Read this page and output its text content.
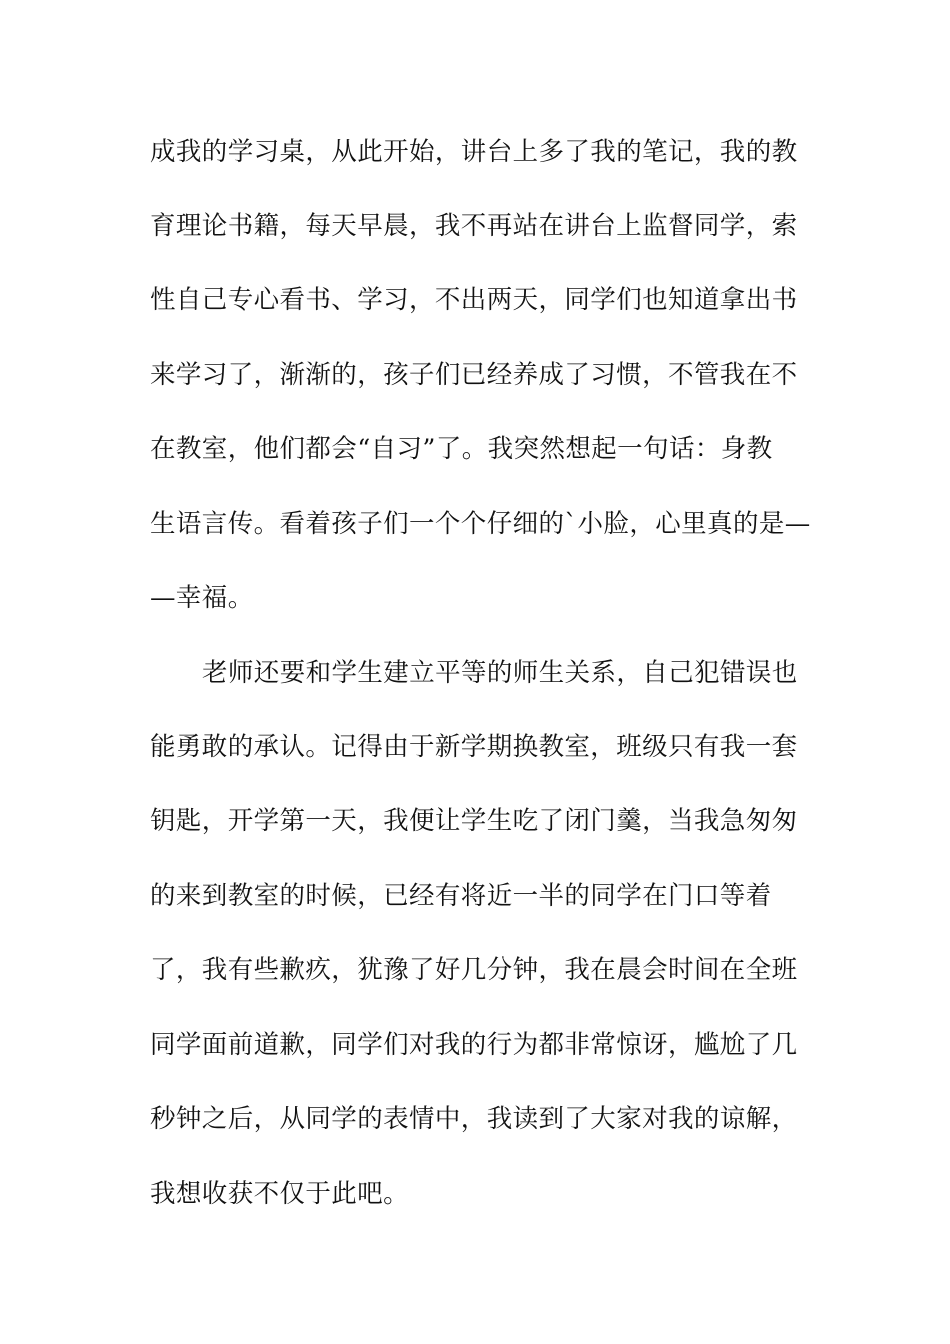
成我的学习桌，从此开始，讲台上多了我的笔记，我的教
育理论书籍，每天早晨，我不再站在讲台上监督同学，索
性自己专心看书、学习，不出两天，同学们也知道拿出书
来学习了，渐渐的，孩子们已经养成了习惯，不管我在不
在教室，他们都会“自习”了。我突然想起一句话：身教
生语言传。看着孩子们一个个仔细的`小脸，心里真的是—
—幸福。
老师还要和学生建立平等的师生关系，自己犯错误也
能勇敢的承认。记得由于新学期换教室，班级只有我一套
钥匙，开学第一天，我便让学生吃了闭门羹，当我急匆匆
的来到教室的时候，已经有将近一半的同学在门口等着
了，我有些歉疚，犹豫了好几分钟，我在晨会时间在全班
同学面前道歉，同学们对我的行为都非常惊讶，尴尬了几
秒钟之后，从同学的表情中，我读到了大家对我的谅解，
我想收获不仅于此吧。
